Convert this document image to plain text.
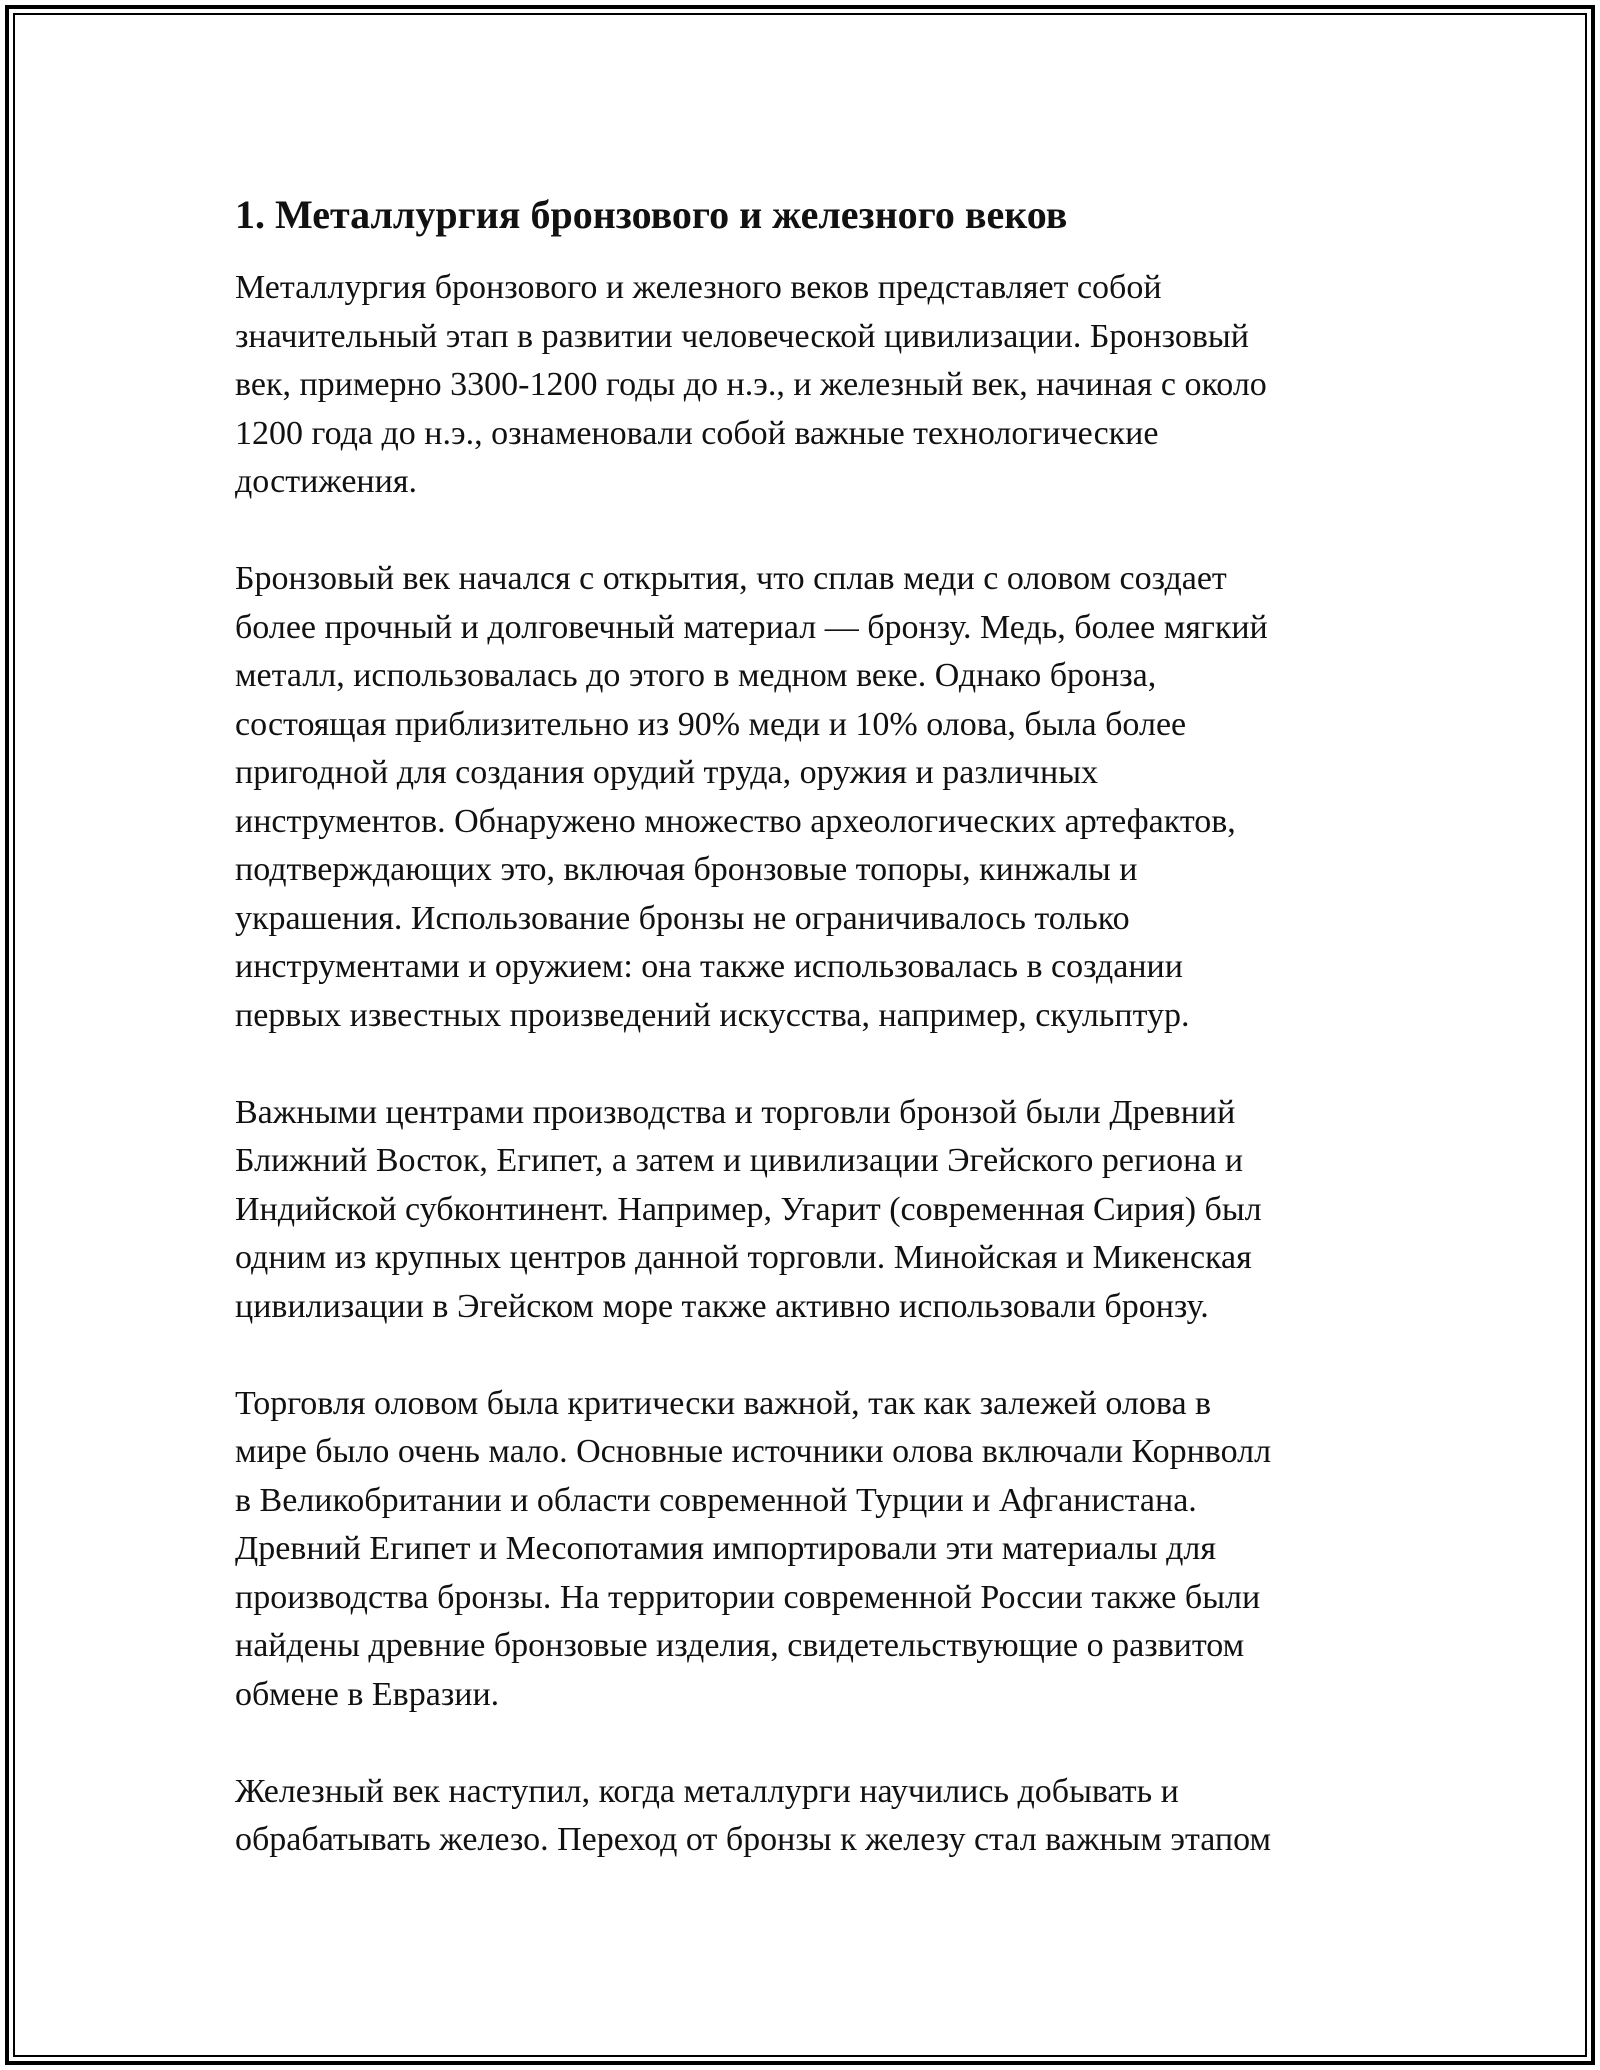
1. Металлургия бронзового и железного веков

Металлургия бронзового и железного веков представляет собой
значительный этап в развитии человеческой цивилизации. Бронзовый
век, примерно 3300-1200 годы до н.э., и железный век, начиная с около
1200 года до н.э., ознаменовали собой важные технологические
достижения.

Бронзовый век начался с открытия, что сплав меди с оловом создает
более прочный и долговечный материал — бронзу. Медь, более мягкий
металл, использовалась до этого в медном веке. Однако бронза,
состоящая приблизительно из 90% меди и 10% олова, была более
пригодной для создания орудий труда, оружия и различных
инструментов. Обнаружено множество археологических артефактов,
подтверждающих это, включая бронзовые топоры, кинжалы и
украшения. Использование бронзы не ограничивалось только
инструментами и оружием: она также использовалась в создании
первых известных произведений искусства, например, скульптур.

Важными центрами производства и торговли бронзой были Древний
Ближний Восток, Египет, а затем и цивилизации Эгейского региона и
Индийской субконтинент. Например, Угарит (современная Сирия) был
одним из крупных центров данной торговли. Минойская и Микенская
цивилизации в Эгейском море также активно использовали бронзу.

Торговля оловом была критически важной, так как залежей олова в
мире было очень мало. Основные источники олова включали Корнволл
в Великобритании и области современной Турции и Афганистана.
Древний Египет и Месопотамия импортировали эти материалы для
производства бронзы. На территории современной России также были
найдены древние бронзовые изделия, свидетельствующие о развитом
обмене в Евразии.

Железный век наступил, когда металлурги научились добывать и
обрабатывать железо. Переход от бронзы к железу стал важным этапом
